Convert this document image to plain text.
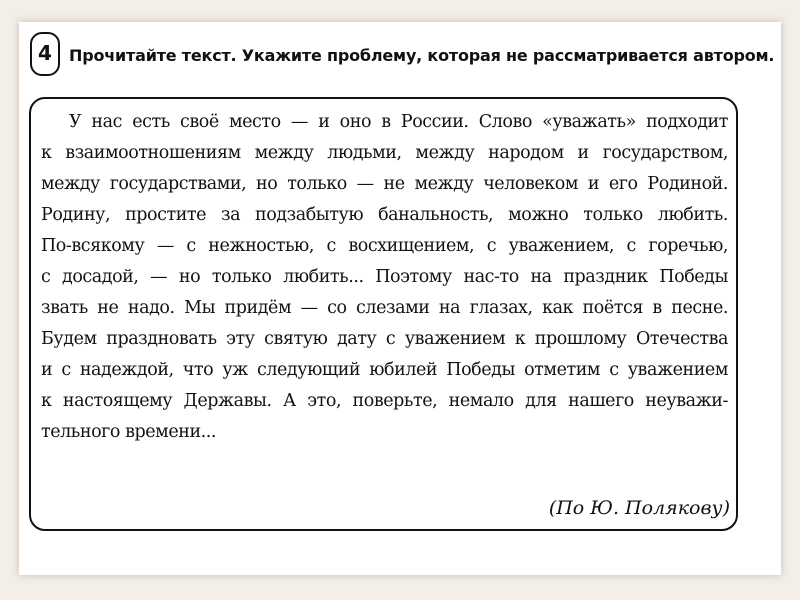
4	Прочитайте текст. Укажите проблему, которая не рассматривается автором.
У нас есть своё место — и оно в России. Слово «уважать» подходит
к взаимоотношениям между людьми, между народом и государством,
между государствами, но только — не между человеком и его Родиной.
Родину, простите за подзабытую банальность, можно только любить.
По-всякому — с нежностью, с восхищением, с уважением, с горечью,
с досадой, — но только любить... Поэтому нас-то на праздник Победы
звать не надо. Мы придём — со слезами на глазах, как поётся в песне.
Будем праздновать эту святую дату с уважением к прошлому Отечества
и с надеждой, что уж следующий юбилей Победы отметим с уважением
к настоящему Державы. А это, поверьте, немало для нашего неуважи-
тельного времени...
(По Ю. Полякову)
